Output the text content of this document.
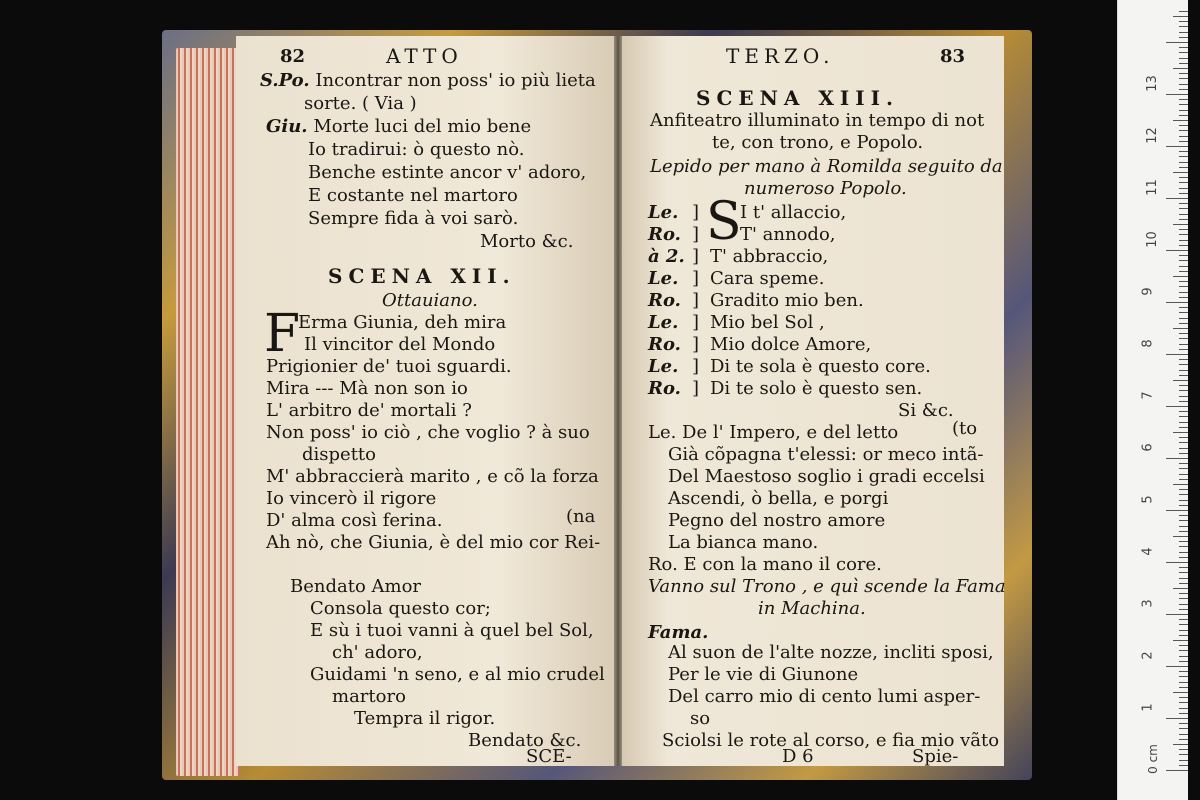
82	ATTO
S.Po. Incontrar non poss' io più lieta
sorte. ( Via )
Giu. Morte luci del mio bene
Io tradirui: ò questo nò.
Benche estinte ancor v' adoro,
E costante nel martoro
Sempre fida à voi sarò.
Morto &c.
SCENA XII.
Ottauiano.
F
Erma Giunia, deh mira
Il vincitor del Mondo
Prigionier de' tuoi sguardi.
Mira --- Mà non son io
L' arbitro de' mortali ?
Non poss' io ciò , che voglio ? à suo
dispetto
M' abbraccierà marito , e cõ la forza
Io vincerò il rigore
D' alma così ferina.	(na
Ah nò, che Giunia, è del mio cor Rei-
Bendato Amor
Consola questo cor;
E sù i tuoi vanni à quel bel Sol,
ch' adoro,
Guidami 'n seno, e al mio crudel
martoro
Tempra il rigor.
Bendato &c.
SCE-
TERZO.	83
SCENA XIII.
Anfiteatro illuminato in tempo di not
te, con trono, e Popolo.
Lepido per mano à Romilda seguito da
numeroso Popolo.
S
Le. ] I t' allaccio,
Ro. ] T' annodo,
à 2. ] T' abbraccio,
Le. ] Cara speme.
Ro. ] Gradito mio ben.
Le. ] Mio bel Sol ,
Ro. ] Mio dolce Amore,
Le. ] Di te sola è questo core.
Ro. ] Di te solo è questo sen.
Si &c.
Le. De l' Impero, e del letto	(to
Già cõpagna t'elessi: or meco intã-
Del Maestoso soglio i gradi eccelsi
Ascendi, ò bella, e porgi
Pegno del nostro amore
La bianca mano.
Ro. E con la mano il core.
Vanno sul Trono , e quì scende la Fama
in Machina.
Fama.
Al suon de l'alte nozze, incliti sposi,
Per le vie di Giunone
Del carro mio di cento lumi asper-
so
Sciolsi le rote al corso, e fia mio vãto
D 6	Spie-
1
2
3
4
5
6
7
8
9
10
11
12
13
0 cm
